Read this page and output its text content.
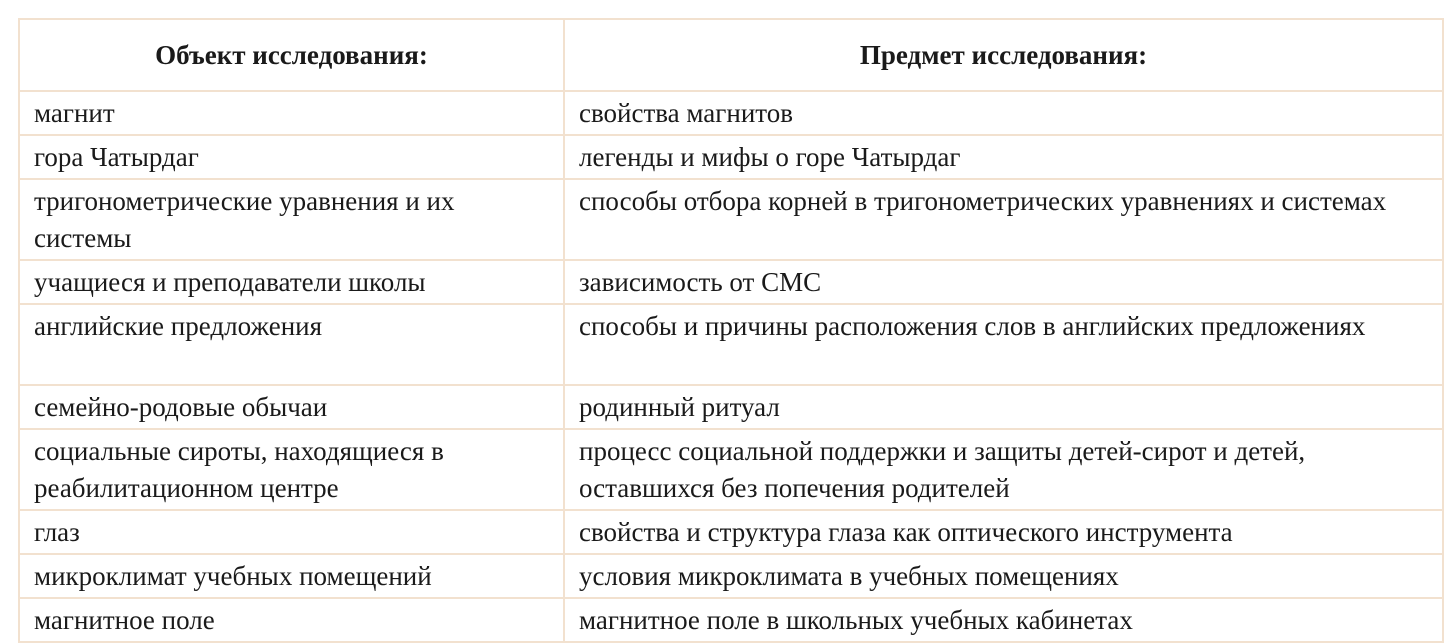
Объект исследования:	Предмет исследования:
магнит	свойства магнитов
гора Чатырдаг	легенды и мифы о горе Чатырдаг
тригонометрические уравнения и их системы	способы отбора корней в тригонометрических уравнениях и системах
учащиеся и преподаватели школы	зависимость от СМС
английские предложения	способы и причины расположения слов в английских предложениях
семейно-родовые обычаи	родинный ритуал
социальные сироты, находящиеся в реабилитационном центре	процесс социальной поддержки и защиты детей-сирот и детей, оставшихся без попечения родителей
глаз	свойства и структура глаза как оптического инструмента
микроклимат учебных помещений	условия микроклимата в учебных помещениях
магнитное поле	магнитное поле в школьных учебных кабинетах
